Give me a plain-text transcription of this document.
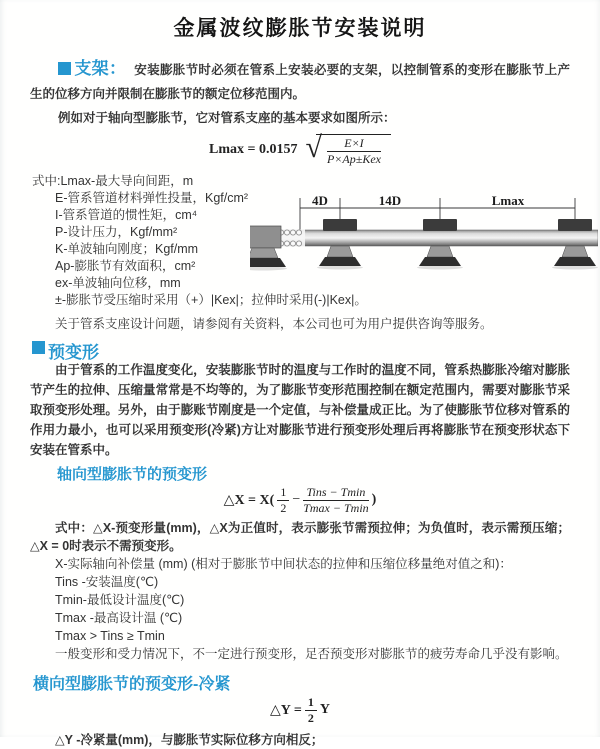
金属波纹膨胀节安装说明

支架： 安装膨胀节时必须在管系上安装必要的支架，以控制管系的变形在膨胀节上产生的位移方向并限制在膨胀节的额定位移范围内。

例如对于轴向型膨胀节，它对管系支座的基本要求如图所示：

Lmax = 0.0157 √ $\frac{E\times I}{\text{P×Ap±Kex}}$

式中:Lmax-最大导向间距，m

E-管系管道材料弹性投量，Kgf/cm²

I-管系管道的惯性矩，cm⁴

P-设计压力，Kgf/mm²

K-单波轴向刚度；Kgf/mm

Ap-膨胀节有效面积，cm²

ex-单波轴向位移，mm

±-膨胀节受压缩时采用（+）|Kex|；拉伸时采用(-)|Kex|。

关于管系支座设计问题，请参阅有关资料，本公司也可为用户提供咨询等服务。

4D	14D	Lmax
预变形

由于管系的工作温度变化，安装膨胀节时的温度与工作时的温度不同，管系热膨胀冷缩对膨胀节产生的拉伸、压缩量常常是不均等的，为了膨胀节变形范围控制在额定范围内，需要对膨胀节采取预变形处理。另外，由于膨账节刚度是一个定值，与补偿量成正比。为了使膨胀节位移对管系的作用力最小，也可以采用预变形(冷紧)方让对膨胀节进行预变形处理后再将膨胀节在预变形状态下安装在管系中。

轴向型膨胀节的预变形
△X = $X( \frac{1}{2} - \frac{\text{Tins − Tmin}}{Tmax - Tmin}$ )

式中：△X-预变形量(mm)，△X为正值时，表示膨张节需预拉伸；为负值时，表示需预压缩；△X = 0时表示不需预变形。

X-实际轴向补偿量 (mm) (相对于膨胀节中间状态的拉伸和压缩位移量绝对值之和)：

Tins -安装温度(℃)

Tmin-最低设计温度(℃)

Tmax -最高设计温 (℃)

Tmax > Tins ≥ Tmin

一般变形和受力情况下，不一定进行预变形，足否预变形对膨胀节的疲劳寿命几乎没有影响。

横向型膨胀节的预变形-冷紧
△Y = $\frac{1}{2}$ Y

△Y -冷紧量(mm)，与膨胀节实际位移方向相反；
